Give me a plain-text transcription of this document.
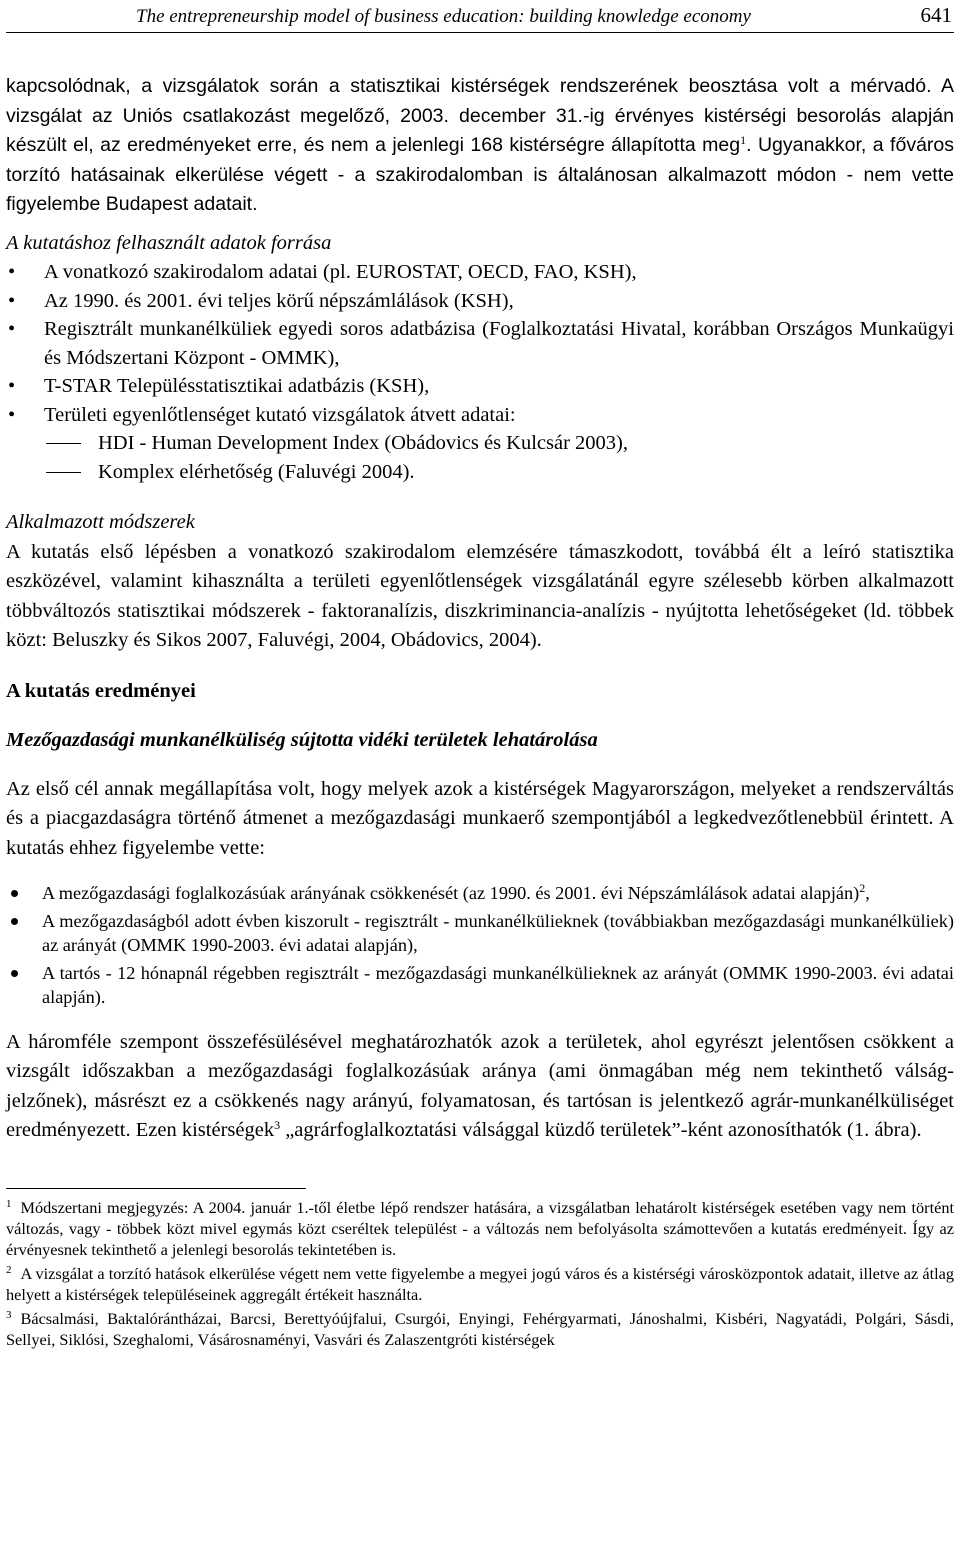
The entrepreneurship model of business education: building knowledge economy	641

kapcsolódnak, a vizsgálatok során a statisztikai kistérségek rendszerének beosztása volt a mérvadó. A vizsgálat az Uniós csatlakozást megelőző, 2003. december 31.-ig érvényes kistérségi besorolás alapján készült el, az eredményeket erre, és nem a jelenlegi 168 kistérségre állapította meg$^1$. Ugyanakkor, a főváros torzító hatásainak elkerülése végett - a szakirodalomban is általánosan alkalmazott módon - nem vette figyelembe Budapest adatait.

A kutatáshoz felhasznált adatok forrása

• A vonatkozó szakirodalom adatai (pl. EUROSTAT, OECD, FAO, KSH),
• Az 1990. és 2001. évi teljes körű népszámlálások (KSH),
• Regisztrált munkanélküliek egyedi soros adatbázisa (Foglalkoztatási Hivatal, korábban Országos Munkaügyi és Módszertani Központ - OMMK),
• T-STAR Településstatisztikai adatbázis (KSH),
• Területi egyenlőtlenséget kutató vizsgálatok átvett adatai:
HDI - Human Development Index (Obádovics és Kulcsár 2003),
Komplex elérhetőség (Faluvégi 2004).

Alkalmazott módszerek

A kutatás első lépésben a vonatkozó szakirodalom elemzésére támaszkodott, továbbá élt a leíró statisztika eszközével, valamint kihasználta a területi egyenlőtlenségek vizsgálatánál egyre szélesebb körben alkalmazott többváltozós statisztikai módszerek - faktoranalízis, diszkriminancia-analízis - nyújtotta lehetőségeket (ld. többek közt: Beluszky és Sikos 2007, Faluvégi, 2004, Obádovics, 2004).

A kutatás eredményei

Mezőgazdasági munkanélküliség sújtotta vidéki területek lehatárolása

Az első cél annak megállapítása volt, hogy melyek azok a kistérségek Magyarországon, melyeket a rendszerváltás és a piacgazdaságra történő átmenet a mezőgazdasági munkaerő szempontjából a legkedvezőtlenebbül érintett. A kutatás ehhez figyelembe vette:

A mezőgazdasági foglalkozásúak arányának csökkenését (az 1990. és 2001. évi Népszámlálások adatai alapján)$^2$,
A mezőgazdaságból adott évben kiszorult - regisztrált - munkanélkülieknek (továbbiakban mezőgazdasági munkanélküliek) az arányát (OMMK 1990-2003. évi adatai alapján),
A tartós - 12 hónapnál régebben regisztrált - mezőgazdasági munkanélkülieknek az arányát (OMMK 1990-2003. évi adatai alapján).

A háromféle szempont összefésülésével meghatározhatók azok a területek, ahol egyrészt jelentősen csökkent a vizsgált időszakban a mezőgazdasági foglalkozásúak aránya (ami önmagában még nem tekinthető válság-jelzőnek), másrészt ez a csökkenés nagy arányú, folyamatosan, és tartósan is jelentkező agrár-munkanélküliséget eredményezett. Ezen kistérségek$^3$ „agrárfoglalkoztatási válsággal küzdő területek”-ként azonosíthatók (1. ábra).

$^1$ Módszertani megjegyzés: A 2004. január 1.-től életbe lépő rendszer hatására, a vizsgálatban lehatárolt kistérségek esetében vagy nem történt változás, vagy - többek közt mivel egymás közt cseréltek települést - a változás nem befolyásolta számottevően a kutatás eredményeit. Így az érvényesnek tekinthető a jelenlegi besorolás tekintetében is.

$^2$ A vizsgálat a torzító hatások elkerülése végett nem vette figyelembe a megyei jogú város és a kistérségi városközpontok adatait, illetve az átlag helyett a kistérségek településeinek aggregált értékeit használta.

$^3$ Bácsalmási, Baktalórántházai, Barcsi, Berettyóújfalui, Csurgói, Enyingi, Fehérgyarmati, Jánoshalmi, Kisbéri, Nagyatádi, Polgári, Sásdi, Sellyei, Siklósi, Szeghalomi, Vásárosnaményi, Vasvári és Zalaszentgróti kistérségek
